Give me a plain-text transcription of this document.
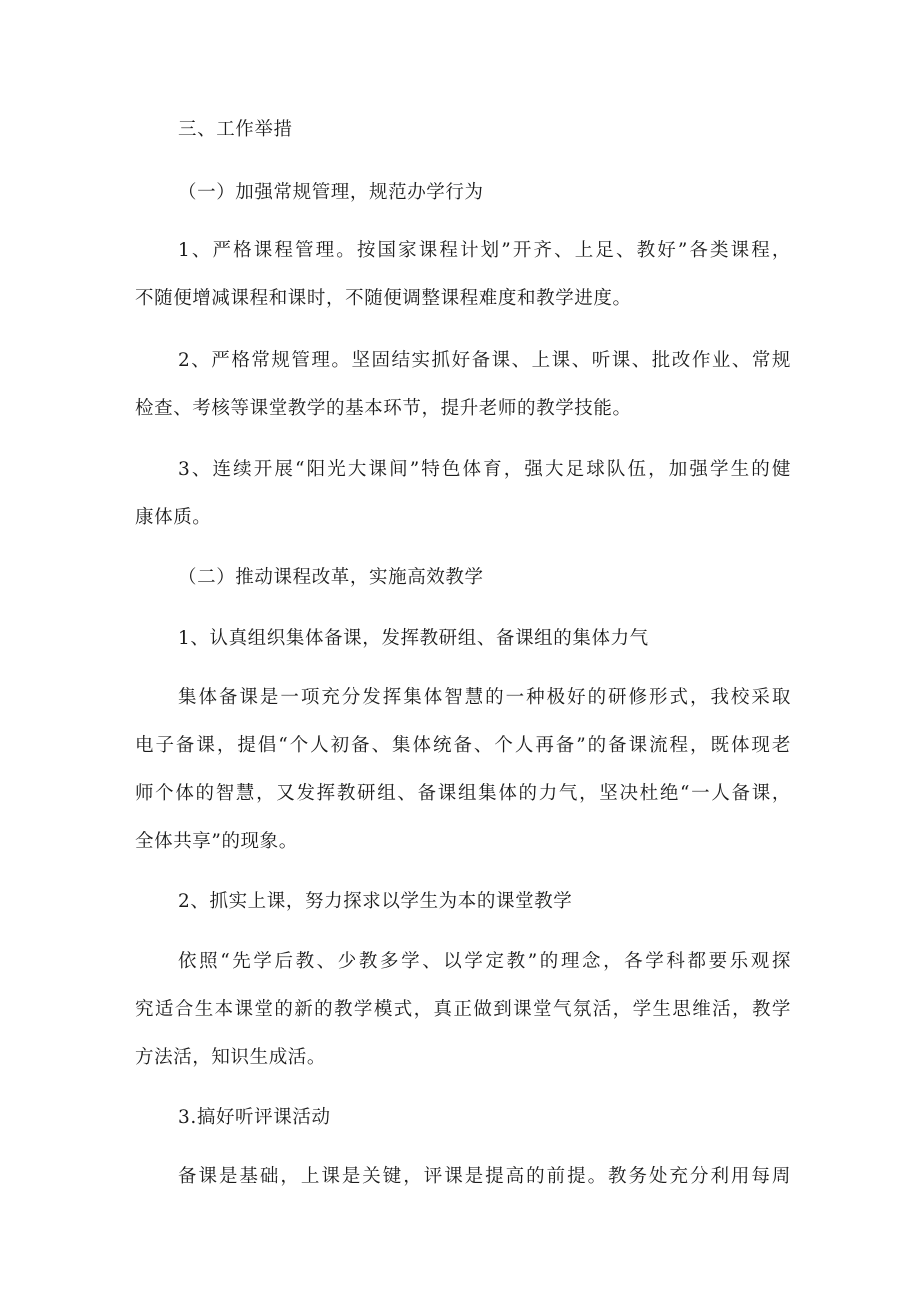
三、工作举措
（一）加强常规管理，规范办学行为
1、严格课程管理。按国家课程计划”开齐、上足、教好”各类课程，
不随便增减课程和课时，不随便调整课程难度和教学进度。
2、严格常规管理。坚固结实抓好备课、上课、听课、批改作业、常规
检查、考核等课堂教学的基本环节，提升老师的教学技能。
3、连续开展“阳光大课间”特色体育，强大足球队伍，加强学生的健
康体质。
（二）推动课程改革，实施高效教学
1、认真组织集体备课，发挥教研组、备课组的集体力气
集体备课是一项充分发挥集体智慧的一种极好的研修形式，我校采取
电子备课，提倡“个人初备、集体统备、个人再备”的备课流程，既体现老
师个体的智慧，又发挥教研组、备课组集体的力气，坚决杜绝“一人备课，
全体共享”的现象。
2、抓实上课，努力探求以学生为本的课堂教学
依照“先学后教、少教多学、以学定教”的理念，各学科都要乐观探
究适合生本课堂的新的教学模式，真正做到课堂气氛活，学生思维活，教学
方法活，知识生成活。
3.搞好听评课活动
备课是基础，上课是关键，评课是提高的前提。教务处充分利用每周
